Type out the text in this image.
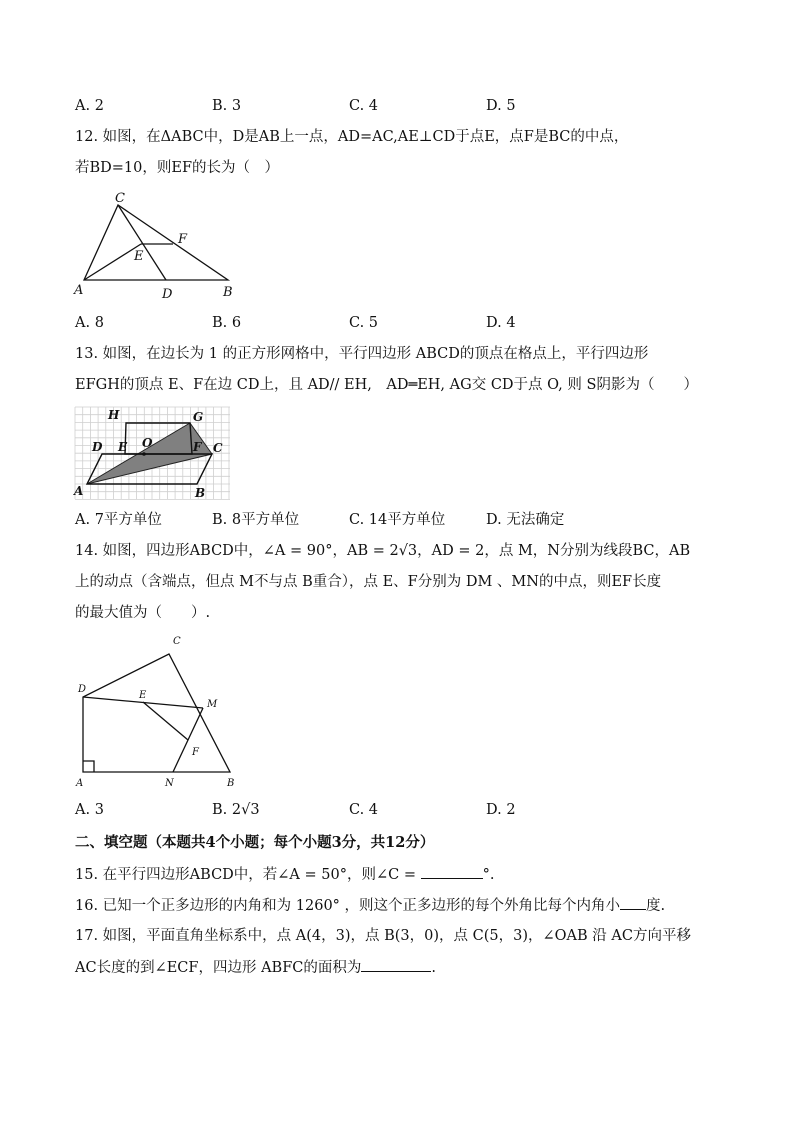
A. 2	B. 3	C. 4	D. 5
12. 如图，在ΔABC中，D是AB上一点，AD=AC,AE⊥CD于点E，点F是BC的中点，
若BD=10，则EF的长为（　）
C
F
E
A	D	B
A. 8	B. 6	C. 5	D. 4
13. 如图，在边长为 1 的正方形网格中，平行四边形 ABCD的顶点在格点上，平行四边形
EFGH的顶点 E、F在边 CD上，且 AD// EH,　AD═EH, AG交 CD于点 O, 则 S阴影为（　　）
H	G
D E O	F C
A	B
A. 7平方单位	B. 8平方单位	C. 14平方单位	D. 无法确定
14. 如图，四边形ABCD中，∠A = 90°，AB = 2√3，AD = 2，点 M，N分别为线段BC，AB
上的动点（含端点，但点 M不与点 B重合），点 E、F分别为 DM 、MN的中点，则EF长度
的最大值为（　　）.
C
D
E
M
F
A	N	B
A. 3	B. 2√3	C. 4	D. 2
二、填空题（本题共4个小题；每个小题3分，共12分）
15. 在平行四边形ABCD中，若∠A = 50°，则∠C =	°.
16. 已知一个正多边形的内角和为 1260° ，则这个正多边形的每个外角比每个内角小 度.
17. 如图，平面直角坐标系中，点 A(4，3)，点 B(3，0)，点 C(5，3)，∠OAB 沿 AC方向平移
AC长度的到∠ECF，四边形 ABFC的面积为	.
